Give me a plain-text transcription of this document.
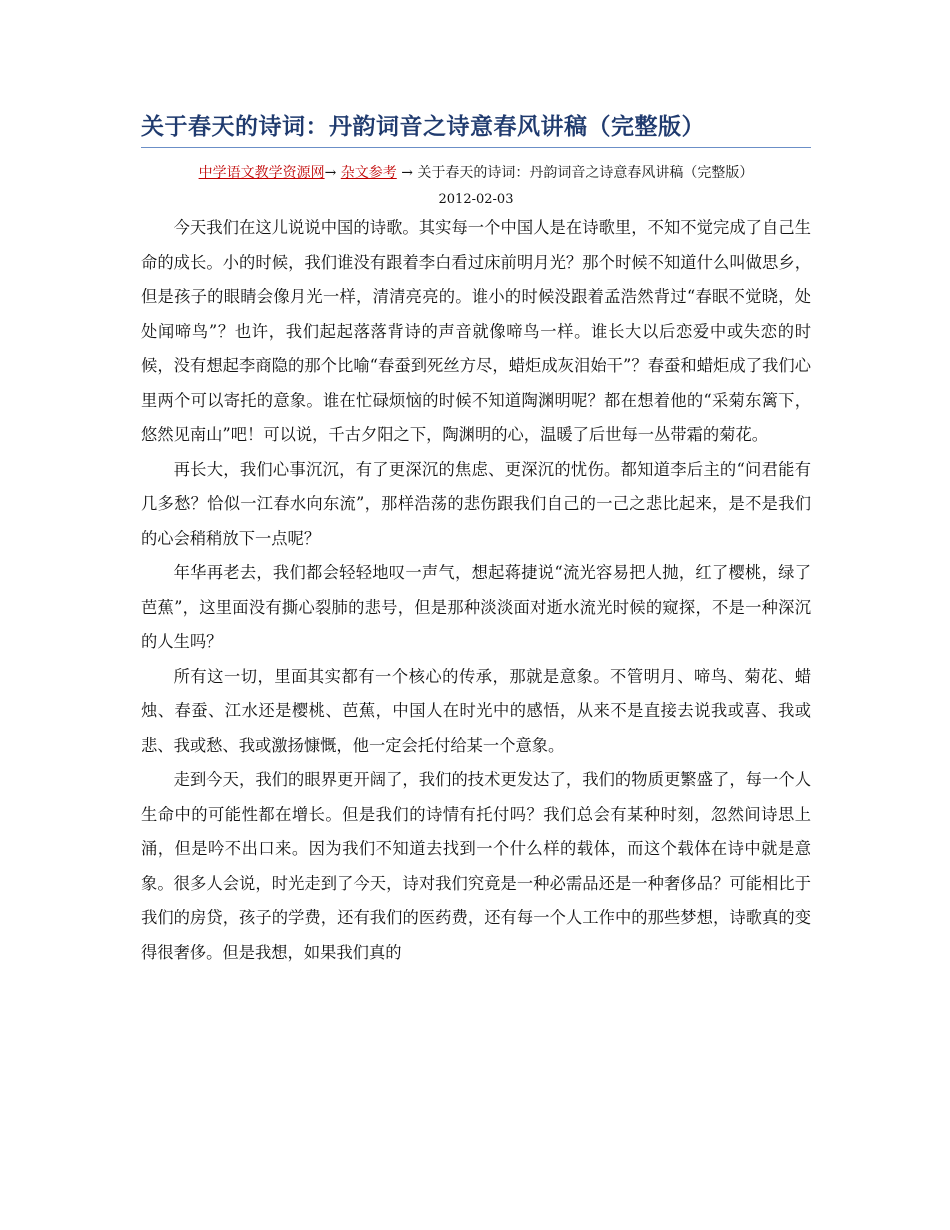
关于春天的诗词：丹韵词音之诗意春风讲稿（完整版）
中学语文教学资源网→ 杂文参考 → 关于春天的诗词：丹韵词音之诗意春风讲稿（完整版）
2012-02-03

今天我们在这儿说说中国的诗歌。其实每一个中国人是在诗歌里，不知不觉完成了自己生命的成长。小的时候，我们谁没有跟着李白看过床前明月光？那个时候不知道什么叫做思乡，但是孩子的眼睛会像月光一样，清清亮亮的。谁小的时候没跟着孟浩然背过“春眠不觉晓，处处闻啼鸟”？也许，我们起起落落背诗的声音就像啼鸟一样。谁长大以后恋爱中或失恋的时候，没有想起李商隐的那个比喻“春蚕到死丝方尽，蜡炬成灰泪始干”？春蚕和蜡炬成了我们心里两个可以寄托的意象。谁在忙碌烦恼的时候不知道陶渊明呢？都在想着他的“采菊东篱下，悠然见南山”吧！可以说，千古夕阳之下，陶渊明的心，温暖了后世每一丛带霜的菊花。

再长大，我们心事沉沉，有了更深沉的焦虑、更深沉的忧伤。都知道李后主的“问君能有几多愁？恰似一江春水向东流”，那样浩荡的悲伤跟我们自己的一己之悲比起来，是不是我们的心会稍稍放下一点呢？

年华再老去，我们都会轻轻地叹一声气，想起蒋捷说“流光容易把人抛，红了樱桃，绿了芭蕉”，这里面没有撕心裂肺的悲号，但是那种淡淡面对逝水流光时候的窥探，不是一种深沉的人生吗？

所有这一切，里面其实都有一个核心的传承，那就是意象。不管明月、啼鸟、菊花、蜡烛、春蚕、江水还是樱桃、芭蕉，中国人在时光中的感悟，从来不是直接去说我或喜、我或悲、我或愁、我或激扬慷慨，他一定会托付给某一个意象。

走到今天，我们的眼界更开阔了，我们的技术更发达了，我们的物质更繁盛了，每一个人生命中的可能性都在增长。但是我们的诗情有托付吗？我们总会有某种时刻，忽然间诗思上涌，但是吟不出口来。因为我们不知道去找到一个什么样的载体，而这个载体在诗中就是意象。很多人会说，时光走到了今天，诗对我们究竟是一种必需品还是一种奢侈品？可能相比于我们的房贷，孩子的学费，还有我们的医药费，还有每一个人工作中的那些梦想，诗歌真的变得很奢侈。但是我想，如果我们真的
